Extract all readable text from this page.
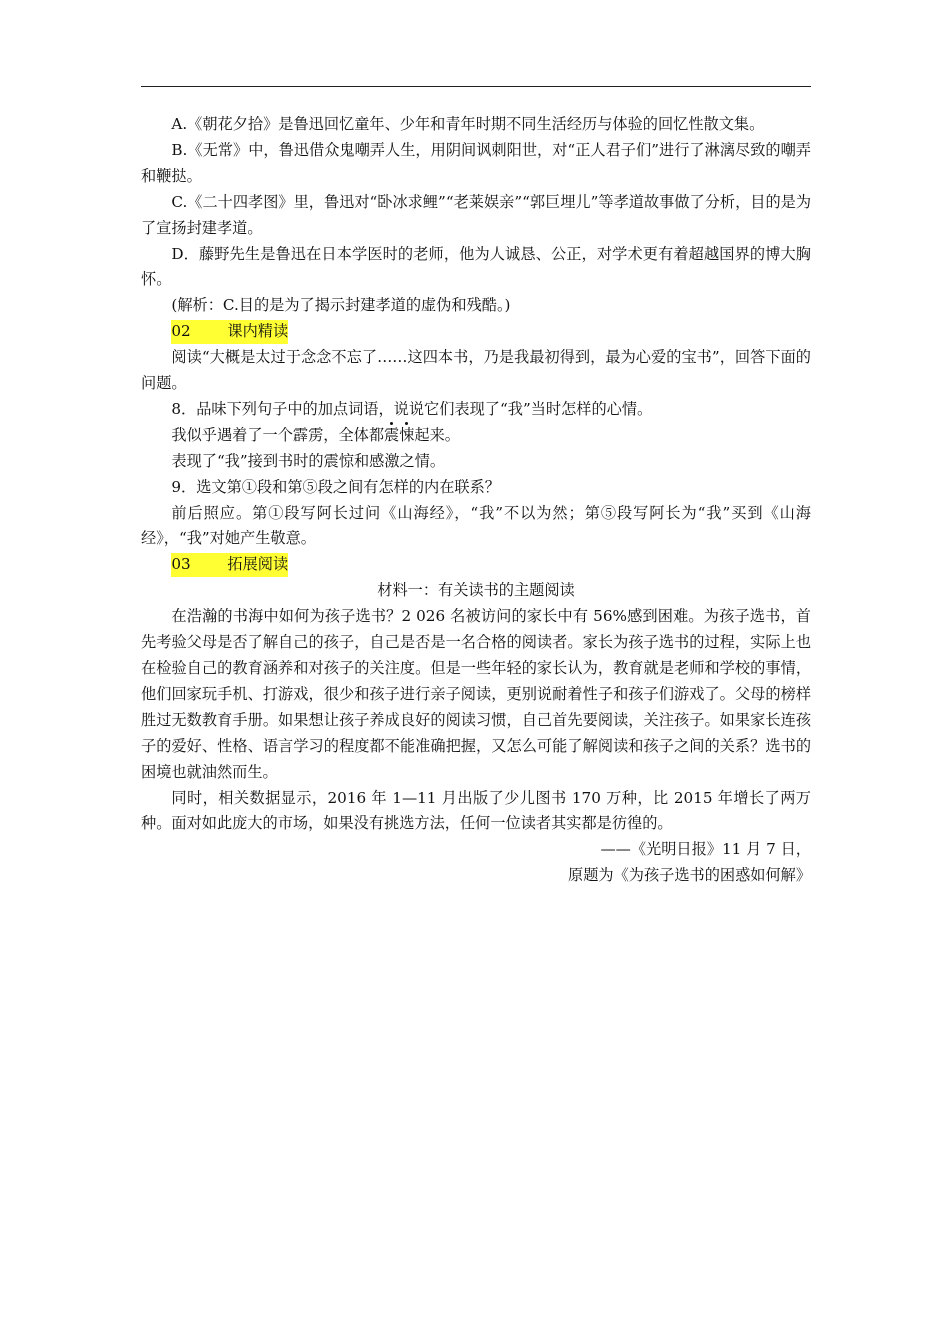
A.《朝花夕拾》是鲁迅回忆童年、少年和青年时期不同生活经历与体验的回忆性散文集。

B.《无常》中，鲁迅借众鬼嘲弄人生，用阴间讽刺阳世，对“正人君子们”进行了淋漓尽致的嘲弄和鞭挞。

C.《二十四孝图》里，鲁迅对“卧冰求鲤”“老莱娱亲”“郭巨埋儿”等孝道故事做了分析，目的是为了宣扬封建孝道。

D．藤野先生是鲁迅在日本学医时的老师，他为人诚恳、公正，对学术更有着超越国界的博大胸怀。

(解析：C.目的是为了揭示封建孝道的虚伪和残酷。)

02 课内精读

阅读“大概是太过于念念不忘了……这四本书，乃是我最初得到，最为心爱的宝书”，回答下面的问题。

8．品味下列句子中的加点词语，说说它们表现了“我”当时怎样的心情。

我似乎遇着了一个霹雳，全体都震悚起来。

表现了“我”接到书时的震惊和感激之情。

9．选文第①段和第⑤段之间有怎样的内在联系？

前后照应。第①段写阿长过问《山海经》，“我”不以为然；第⑤段写阿长为“我”买到《山海经》，“我”对她产生敬意。

03 拓展阅读

材料一：有关读书的主题阅读

在浩瀚的书海中如何为孩子选书？2 026 名被访问的家长中有 56%感到困难。为孩子选书，首先考验父母是否了解自己的孩子，自己是否是一名合格的阅读者。家长为孩子选书的过程，实际上也在检验自己的教育涵养和对孩子的关注度。但是一些年轻的家长认为，教育就是老师和学校的事情，他们回家玩手机、打游戏，很少和孩子进行亲子阅读，更别说耐着性子和孩子们游戏了。父母的榜样胜过无数教育手册。如果想让孩子养成良好的阅读习惯，自己首先要阅读，关注孩子。如果家长连孩子的爱好、性格、语言学习的程度都不能准确把握，又怎么可能了解阅读和孩子之间的关系？选书的困境也就油然而生。

同时，相关数据显示，2016 年 1—11 月出版了少儿图书 170 万种，比 2015 年增长了两万种。面对如此庞大的市场，如果没有挑选方法，任何一位读者其实都是彷徨的。

——《光明日报》11 月 7 日，

原题为《为孩子选书的困惑如何解》
